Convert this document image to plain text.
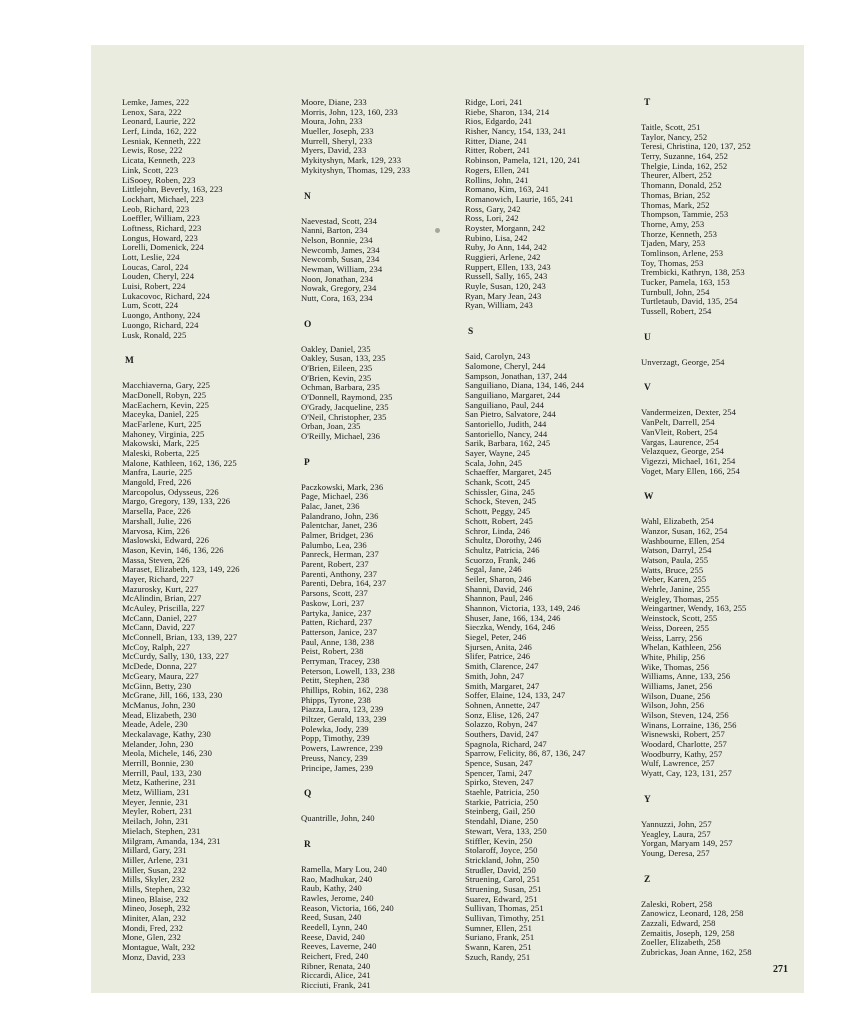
Lemke, James, 222
Lenox, Sara, 222
Leonard, Laurie, 222
Lerf, Linda, 162, 222
Lesniak, Kenneth, 222
Lewis, Rose, 222
Licata, Kenneth, 223
Link, Scott, 223
LiSooey, Roben, 223
Littlejohn, Beverly, 163, 223
Lockhart, Michael, 223
Leob, Richard, 223
Loeffler, William, 223
Loftness, Richard, 223
Longus, Howard, 223
Lorelli, Domenick, 224
Lott, Leslie, 224
Loucas, Carol, 224
Louden, Cheryl, 224
Luisi, Robert, 224
Lukacovoc, Richard, 224
Lum, Scott, 224
Luongo, Anthony, 224
Luongo, Richard, 224
Lusk, Ronald, 225
M
Macchiaverna, Gary, 225
MacDonell, Robyn, 225
MacEachern, Kevin, 225
Maceyka, Daniel, 225
MacFarlene, Kurt, 225
Mahoney, Virginia, 225
Makowski, Mark, 225
Maleski, Roberta, 225
Malone, Kathleen, 162, 136, 225
Manfra, Laurie, 225
Mangold, Fred, 226
Marcopolus, Odysseus, 226
Margo, Gregory, 139, 133, 226
Marsella, Pace, 226
Marshall, Julie, 226
Marvosa, Kim, 226
Maslowski, Edward, 226
Mason, Kevin, 146, 136, 226
Massa, Steven, 226
Maraset, Elizabeth, 123, 149, 226
Mayer, Richard, 227
Mazurosky, Kurt, 227
McAlindin, Brian, 227
McAuley, Priscilla, 227
McCann, Daniel, 227
McCann, David, 227
McConnell, Brian, 133, 139, 227
McCoy, Ralph, 227
McCurdy, Sally, 130, 133, 227
McDede, Donna, 227
McGeary, Maura, 227
McGinn, Betty, 230
McGrane, Jill, 166, 133, 230
McManus, John, 230
Mead, Elizabeth, 230
Meade, Adele, 230
Meckalavage, Kathy, 230
Melander, John, 230
Meola, Michele, 146, 230
Merrill, Bonnie, 230
Merrill, Paul, 133, 230
Metz, Katherine, 231
Metz, William, 231
Meyer, Jennie, 231
Meyler, Robert, 231
Meilach, John, 231
Mielach, Stephen, 231
Milgram, Amanda, 134, 231
Millard, Gary, 231
Miller, Arlene, 231
Miller, Susan, 232
Mills, Skyler, 232
Mills, Stephen, 232
Mineo, Blaise, 232
Mineo, Joseph, 232
Miniter, Alan, 232
Mondi, Fred, 232
Mone, Glen, 232
Montague, Walt, 232
Monz, David, 233
Moore, Diane, 233
Morris, John, 123, 160, 233
Moura, John, 233
Mueller, Joseph, 233
Murrell, Sheryl, 233
Myers, David, 233
Mykityshyn, Mark, 129, 233
Mykityshyn, Thomas, 129, 233
N
Naevestad, Scott, 234
Nanni, Barton, 234
Nelson, Bonnie, 234
Newcomb, James, 234
Newcomb, Susan, 234
Newman, William, 234
Noon, Jonathan, 234
Nowak, Gregory, 234
Nutt, Cora, 163, 234
O
Oakley, Daniel, 235
Oakley, Susan, 133, 235
O'Brien, Eileen, 235
O'Brien, Kevin, 235
Ochman, Barbara, 235
O'Donnell, Raymond, 235
O'Grady, Jacqueline, 235
O'Neil, Christopher, 235
Orban, Joan, 235
O'Reilly, Michael, 236
P
Paczkowski, Mark, 236
Page, Michael, 236
Palac, Janet, 236
Palandrano, John, 236
Palentchar, Janet, 236
Palmer, Bridget, 236
Palumbo, Lea, 236
Panreck, Herman, 237
Parent, Robert, 237
Parenti, Anthony, 237
Parenti, Debra, 164, 237
Parsons, Scott, 237
Paskow, Lori, 237
Partyka, Janice, 237
Patten, Richard, 237
Patterson, Janice, 237
Paul, Anne, 138, 238
Peist, Robert, 238
Perryman, Tracey, 238
Peterson, Lowell, 133, 238
Petitt, Stephen, 238
Phillips, Robin, 162, 238
Phipps, Tyrone, 238
Piazza, Laura, 123, 239
Piltzer, Gerald, 133, 239
Polewka, Jody, 239
Popp, Timothy, 239
Powers, Lawrence, 239
Preuss, Nancy, 239
Principe, James, 239
Q
Quantrille, John, 240
R
Ramella, Mary Lou, 240
Rao, Madhukar, 240
Raub, Kathy, 240
Rawles, Jerome, 240
Reason, Victoria, 166, 240
Reed, Susan, 240
Reedell, Lynn, 240
Reese, David, 240
Reeves, Laverne, 240
Reichert, Fred, 240
Ribner, Renata, 240
Riccardi, Alice, 241
Ricciuti, Frank, 241
Ridge, Lori, 241
Riebe, Sharon, 134, 214
Rios, Edgardo, 241
Risher, Nancy, 154, 133, 241
Ritter, Diane, 241
Ritter, Robert, 241
Robinson, Pamela, 121, 120, 241
Rogers, Ellen, 241
Rollins, John, 241
Romano, Kim, 163, 241
Romanowich, Laurie, 165, 241
Ross, Gary, 242
Ross, Lori, 242
Royster, Morgann, 242
Rubino, Lisa, 242
Ruby, Jo Ann, 144, 242
Ruggieri, Arlene, 242
Ruppert, Ellen, 133, 243
Russell, Sally, 165, 243
Ruyle, Susan, 120, 243
Ryan, Mary Jean, 243
Ryan, William, 243
S
Said, Carolyn, 243
Salomone, Cheryl, 244
Sampson, Jonathan, 137, 244
Sanguiliano, Diana, 134, 146, 244
Sanguiliano, Margaret, 244
Sanguiliano, Paul, 244
San Pietro, Salvatore, 244
Santoriello, Judith, 244
Santoriello, Nancy, 244
Sarik, Barbara, 162, 245
Sayer, Wayne, 245
Scala, John, 245
Schaeffer, Margaret, 245
Schank, Scott, 245
Schissler, Gina, 245
Schock, Steven, 245
Schott, Peggy, 245
Schott, Robert, 245
Schror, Linda, 246
Schultz, Dorothy, 246
Schultz, Patricia, 246
Scuorzo, Frank, 246
Segal, Jane, 246
Seiler, Sharon, 246
Shanni, David, 246
Shannon, Paul, 246
Shannon, Victoria, 133, 149, 246
Shuser, Jane, 166, 134, 246
Sieczka, Wendy, 164, 246
Siegel, Peter, 246
Sjursen, Anita, 246
Slifer, Patrice, 246
Smith, Clarence, 247
Smith, John, 247
Smith, Margaret, 247
Soffer, Elaine, 124, 133, 247
Sohnen, Annette, 247
Sonz, Elise, 126, 247
Solazzo, Robyn, 247
Southers, David, 247
Spagnola, Richard, 247
Sparrow, Felicity, 86, 87, 136, 247
Spence, Susan, 247
Spencer, Tami, 247
Spirko, Steven, 247
Staehle, Patricia, 250
Starkie, Patricia, 250
Steinberg, Gail, 250
Stendahl, Diane, 250
Stewart, Vera, 133, 250
Stiffler, Kevin, 250
Stolaroff, Joyce, 250
Strickland, John, 250
Strudler, David, 250
Struening, Carol, 251
Struening, Susan, 251
Suarez, Edward, 251
Sullivan, Thomas, 251
Sullivan, Timothy, 251
Sumner, Ellen, 251
Suriano, Frank, 251
Swann, Karen, 251
Szuch, Randy, 251
T
Taitle, Scott, 251
Taylor, Nancy, 252
Teresi, Christina, 120, 137, 252
Terry, Suzanne, 164, 252
Thelgie, Linda, 162, 252
Theurer, Albert, 252
Thomann, Donald, 252
Thomas, Brian, 252
Thomas, Mark, 252
Thompson, Tammie, 253
Thorne, Amy, 253
Thorze, Kenneth, 253
Tjaden, Mary, 253
Tomlinson, Arlene, 253
Toy, Thomas, 253
Trembicki, Kathryn, 138, 253
Tucker, Pamela, 163, 153
Turnbull, John, 254
Turtletaub, David, 135, 254
Tussell, Robert, 254
U
Unverzagt, George, 254
V
Vandermeizen, Dexter, 254
VanPelt, Darrell, 254
VanVleit, Robert, 254
Vargas, Laurence, 254
Velazquez, George, 254
Vigezzi, Michael, 161, 254
Voget, Mary Ellen, 166, 254
W
Wahl, Elizabeth, 254
Wanzor, Susan, 162, 254
Washbourne, Ellen, 254
Watson, Darryl, 254
Watson, Paula, 255
Watts, Bruce, 255
Weber, Karen, 255
Wehrle, Janine, 255
Weigley, Thomas, 255
Weingartner, Wendy, 163, 255
Weinstock, Scott, 255
Weiss, Doreen, 255
Weiss, Larry, 256
Whelan, Kathleen, 256
White, Philip, 256
Wike, Thomas, 256
Williams, Anne, 133, 256
Williams, Janet, 256
Wilson, Duane, 256
Wilson, John, 256
Wilson, Steven, 124, 256
Winans, Lorraine, 136, 256
Wisnewski, Robert, 257
Woodard, Charlotte, 257
Woodburry, Kathy, 257
Wulf, Lawrence, 257
Wyatt, Cay, 123, 131, 257
Y
Yannuzzi, John, 257
Yeagley, Laura, 257
Yorgan, Maryam 149, 257
Young, Deresa, 257
Z
Zaleski, Robert, 258
Zanowicz, Leonard, 128, 258
Zazzali, Edward, 258
Zemaitis, Joseph, 129, 258
Zoeller, Elizabeth, 258
Zubrickas, Joan Anne, 162, 258
271
